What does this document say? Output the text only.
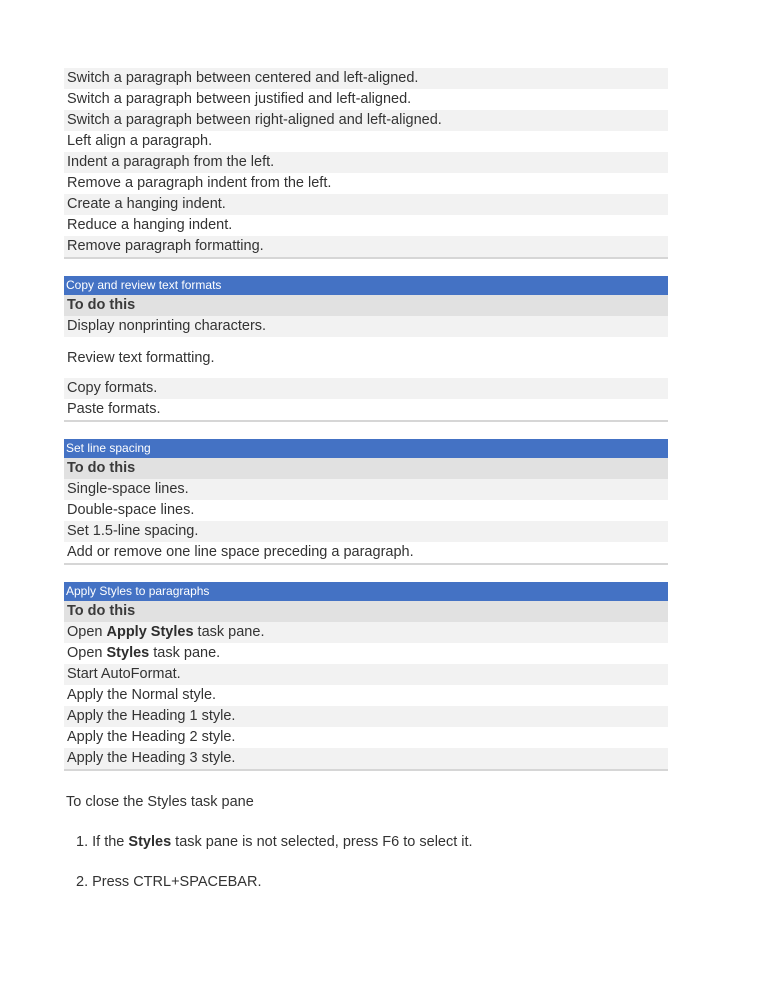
Switch a paragraph between centered and left-aligned.
Switch a paragraph between justified and left-aligned.
Switch a paragraph between right-aligned and left-aligned.
Left align a paragraph.
Indent a paragraph from the left.
Remove a paragraph indent from the left.
Create a hanging indent.
Reduce a hanging indent.
Remove paragraph formatting.
Copy and review text formats
To do this
Display nonprinting characters.
Review text formatting.
Copy formats.
Paste formats.
Set line spacing
To do this
Single-space lines.
Double-space lines.
Set 1.5-line spacing.
Add or remove one line space preceding a paragraph.
Apply Styles to paragraphs
To do this
Open Apply Styles task pane.
Open Styles task pane.
Start AutoFormat.
Apply the Normal style.
Apply the Heading 1 style.
Apply the Heading 2 style.
Apply the Heading 3 style.
To close the Styles task pane
1. If the Styles task pane is not selected, press F6 to select it.
2. Press CTRL+SPACEBAR.
